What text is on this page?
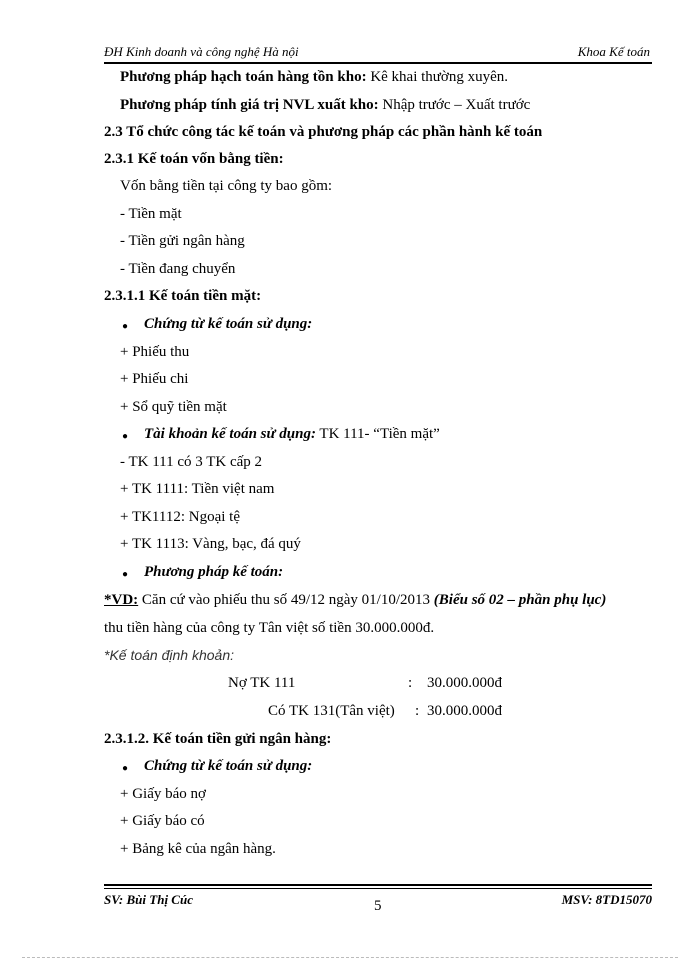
ĐH Kinh doanh và công nghệ Hà nội	Khoa Kế toán
Phương pháp hạch toán hàng tồn kho: Kê khai thường xuyên.
Phương pháp tính giá trị NVL xuất kho: Nhập trước – Xuất trước
2.3 Tổ chức công tác kế toán và phương pháp các phần hành kế toán
2.3.1 Kế toán vốn bằng tiền:
Vốn bằng tiền tại công ty bao gồm:
- Tiền mặt
- Tiền gửi ngân hàng
- Tiền đang chuyển
2.3.1.1 Kế toán tiền mặt:
● Chứng từ kế toán sử dụng:
+ Phiếu thu
+ Phiếu chi
+ Sổ quỹ tiền mặt
● Tài khoản kế toán sử dụng: TK 111- “Tiền mặt”
- TK 111 có 3 TK cấp 2
+ TK 1111: Tiền việt nam
+ TK1112: Ngoại tệ
+ TK 1113: Vàng, bạc, đá quý
● Phương pháp kế toán:
*VD: Căn cứ vào phiếu thu số 49/12 ngày 01/10/2013 (Biểu số 02 – phần phụ lục)
thu tiền hàng của công ty Tân việt số tiền 30.000.000đ.
*Kế toán định khoản:
Nợ TK 111	: 30.000.000đ
Có TK 131(Tân việt) : 30.000.000đ
2.3.1.2. Kế toán tiền gửi ngân hàng:
● Chứng từ kế toán sử dụng:
+ Giấy báo nợ
+ Giấy báo có
+ Bảng kê của ngân hàng.
SV: Bùi Thị Cúc	5	MSV: 8TD15070
